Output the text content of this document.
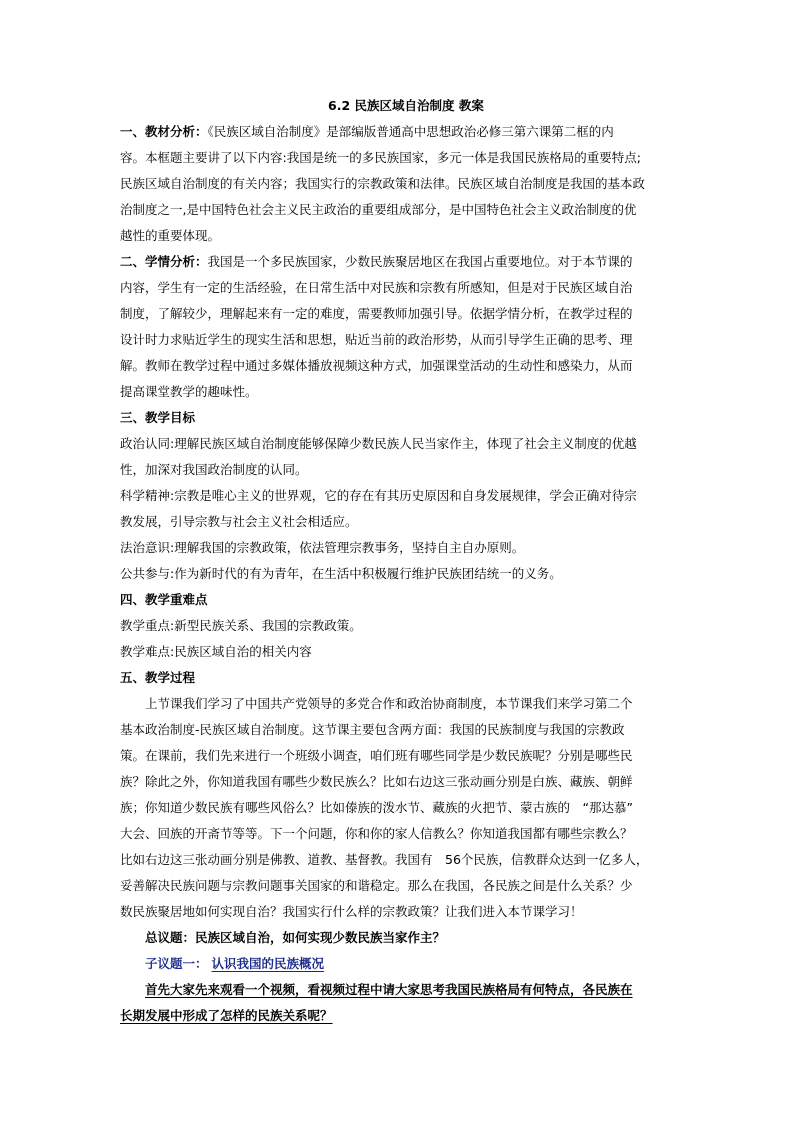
6.2 民族区域自治制度 教案
一、教材分析：《民族区域自治制度》是部编版普通高中思想政治必修三第六课第二框的内
容。本框题主要讲了以下内容:我国是统一的多民族国家，多元一体是我国民族格局的重要特点;
民族区域自治制度的有关内容；我国实行的宗教政策和法律。民族区域自治制度是我国的基本政
治制度之一,是中国特色社会主义民主政治的重要组成部分，是中国特色社会主义政治制度的优
越性的重要体现。
二、学情分析：我国是一个多民族国家，少数民族聚居地区在我国占重要地位。对于本节课的
内容，学生有一定的生活经验，在日常生活中对民族和宗教有所感知，但是对于民族区域自治
制度，了解较少，理解起来有一定的难度，需要教师加强引导。依据学情分析，在教学过程的
设计时力求贴近学生的现实生活和思想，贴近当前的政治形势，从而引导学生正确的思考、理
解。教师在教学过程中通过多媒体播放视频这种方式，加强课堂活动的生动性和感染力，从而
提高课堂教学的趣味性。
三、教学目标
政治认同:理解民族区域自治制度能够保障少数民族人民当家作主，体现了社会主义制度的优越
性，加深对我国政治制度的认同。
科学精神:宗教是唯心主义的世界观，它的存在有其历史原因和自身发展规律，学会正确对待宗
教发展，引导宗教与社会主义社会相适应。
法治意识:理解我国的宗教政策，依法管理宗教事务，坚持自主自办原则。
公共参与:作为新时代的有为青年，在生活中积极履行维护民族团结统一的义务。
四、教学重难点
教学重点:新型民族关系、我国的宗教政策。
教学难点:民族区域自治的相关内容
五、教学过程
上节课我们学习了中国共产党领导的多党合作和政治协商制度，本节课我们来学习第二个
基本政治制度-民族区域自治制度。这节课主要包含两方面：我国的民族制度与我国的宗教政
策。在课前，我们先来进行一个班级小调查，咱们班有哪些同学是少数民族呢？分别是哪些民
族？除此之外，你知道我国有哪些少数民族么？比如右边这三张动画分别是白族、藏族、朝鲜
族；你知道少数民族有哪些风俗么？比如傣族的泼水节、藏族的火把节、蒙古族的　“那达慕”
大会、回族的开斋节等等。下一个问题，你和你的家人信教么？你知道我国都有哪些宗教么？
比如右边这三张动画分别是佛教、道教、基督教。我国有　56个民族，信教群众达到一亿多人，
妥善解决民族问题与宗教问题事关国家的和谐稳定。那么在我国，各民族之间是什么关系？少
数民族聚居地如何实现自治？我国实行什么样的宗教政策？让我们进入本节课学习！
总议题：民族区域自治，如何实现少数民族当家作主？
子议题一： 认识我国的民族概况
首先大家先来观看一个视频，看视频过程中请大家思考我国民族格局有何特点，各民族在
长期发展中形成了怎样的民族关系呢？
